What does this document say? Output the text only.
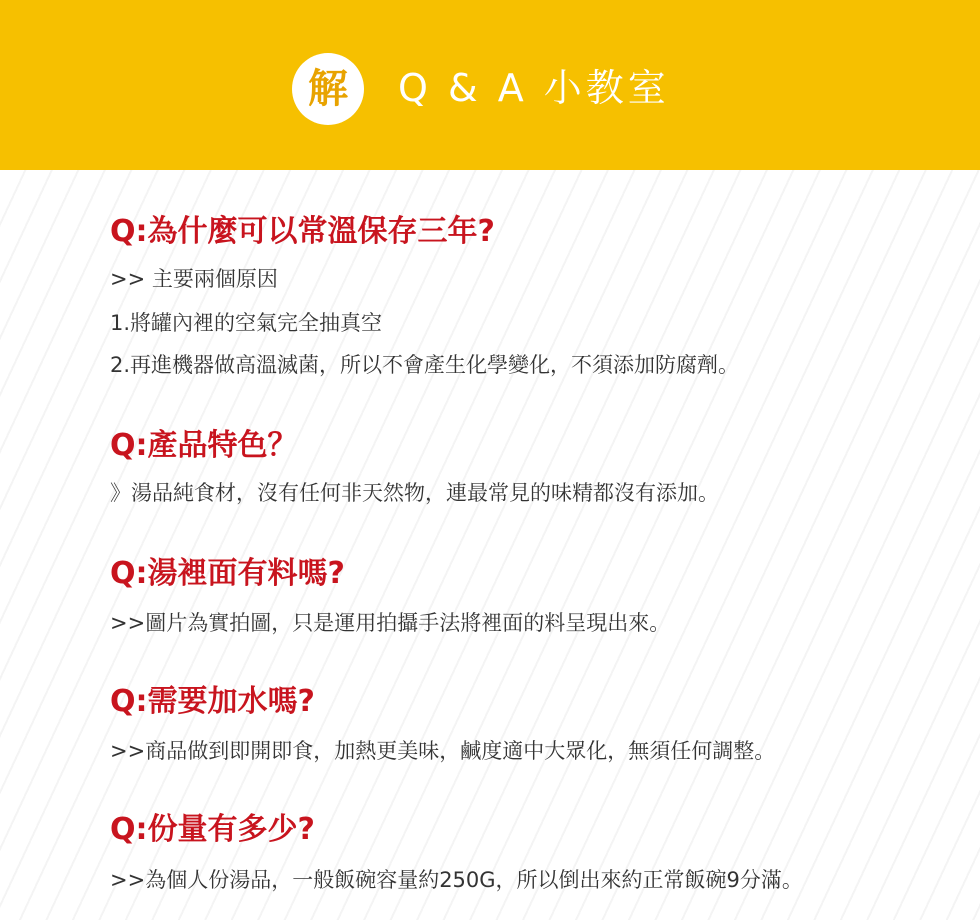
解	Q & A 小教室
Q:為什麼可以常溫保存三年?
>> 主要兩個原因
1.將罐內裡的空氣完全抽真空
2.再進機器做高溫滅菌，所以不會產生化學變化，不須添加防腐劑。
Q:產品特色？
》湯品純食材，沒有任何非天然物，連最常見的味精都沒有添加。
Q:湯裡面有料嗎?
>>圖片為實拍圖，只是運用拍攝手法將裡面的料呈現出來。
Q:需要加水嗎?
>>商品做到即開即食，加熱更美味，鹹度適中大眾化，無須任何調整。
Q:份量有多少?
>>為個人份湯品，一般飯碗容量約250G，所以倒出來約正常飯碗9分滿。
